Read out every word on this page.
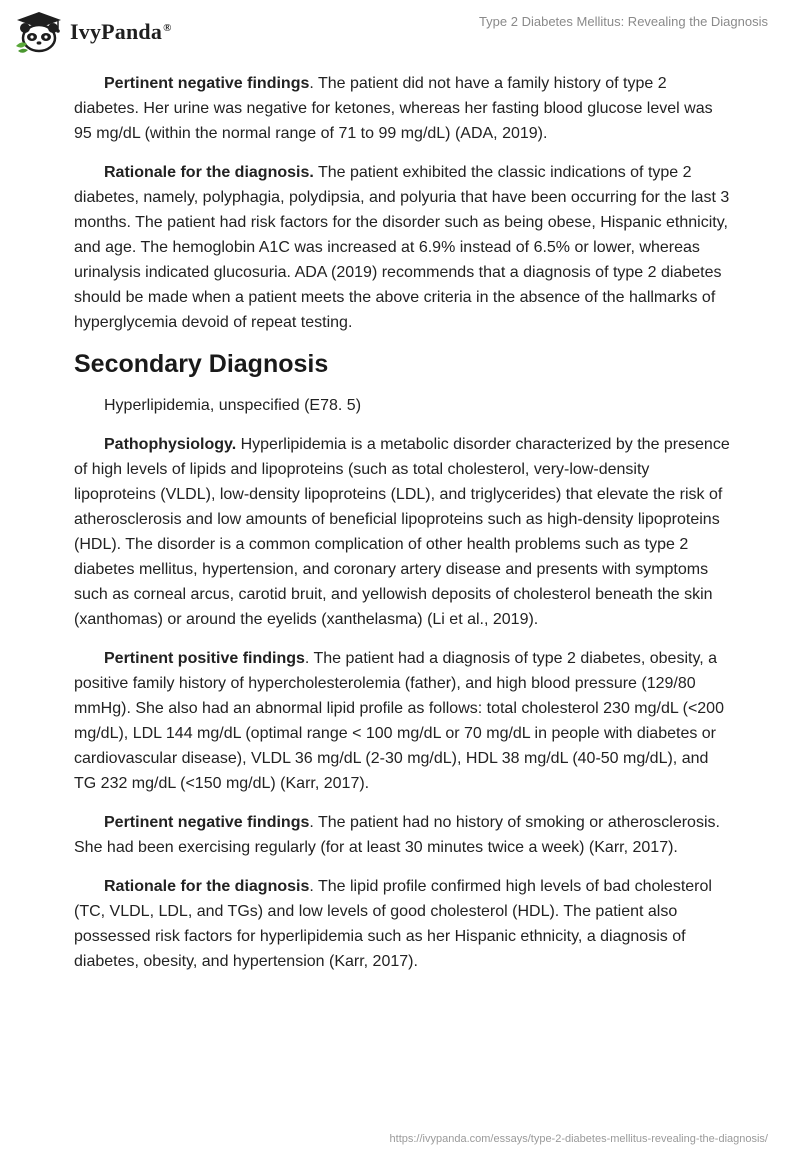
IvyPanda®	Type 2 Diabetes Mellitus: Revealing the Diagnosis

Pertinent negative findings. The patient did not have a family history of type 2 diabetes. Her urine was negative for ketones, whereas her fasting blood glucose level was 95 mg/dL (within the normal range of 71 to 99 mg/dL) (ADA, 2019).

Rationale for the diagnosis. The patient exhibited the classic indications of type 2 diabetes, namely, polyphagia, polydipsia, and polyuria that have been occurring for the last 3 months. The patient had risk factors for the disorder such as being obese, Hispanic ethnicity, and age. The hemoglobin A1C was increased at 6.9% instead of 6.5% or lower, whereas urinalysis indicated glucosuria. ADA (2019) recommends that a diagnosis of type 2 diabetes should be made when a patient meets the above criteria in the absence of the hallmarks of hyperglycemia devoid of repeat testing.

Secondary Diagnosis

Hyperlipidemia, unspecified (E78. 5)

Pathophysiology. Hyperlipidemia is a metabolic disorder characterized by the presence of high levels of lipids and lipoproteins (such as total cholesterol, very-low-density lipoproteins (VLDL), low-density lipoproteins (LDL), and triglycerides) that elevate the risk of atherosclerosis and low amounts of beneficial lipoproteins such as high-density lipoproteins (HDL). The disorder is a common complication of other health problems such as type 2 diabetes mellitus, hypertension, and coronary artery disease and presents with symptoms such as corneal arcus, carotid bruit, and yellowish deposits of cholesterol beneath the skin (xanthomas) or around the eyelids (xanthelasma) (Li et al., 2019).

Pertinent positive findings. The patient had a diagnosis of type 2 diabetes, obesity, a positive family history of hypercholesterolemia (father), and high blood pressure (129/80 mmHg). She also had an abnormal lipid profile as follows: total cholesterol 230 mg/dL (<200 mg/dL), LDL 144 mg/dL (optimal range < 100 mg/dL or 70 mg/dL in people with diabetes or cardiovascular disease), VLDL 36 mg/dL (2-30 mg/dL), HDL 38 mg/dL (40-50 mg/dL), and TG 232 mg/dL (<150 mg/dL) (Karr, 2017).

Pertinent negative findings. The patient had no history of smoking or atherosclerosis. She had been exercising regularly (for at least 30 minutes twice a week) (Karr, 2017).

Rationale for the diagnosis. The lipid profile confirmed high levels of bad cholesterol (TC, VLDL, LDL, and TGs) and low levels of good cholesterol (HDL). The patient also possessed risk factors for hyperlipidemia such as her Hispanic ethnicity, a diagnosis of diabetes, obesity, and hypertension (Karr, 2017).

https://ivypanda.com/essays/type-2-diabetes-mellitus-revealing-the-diagnosis/
